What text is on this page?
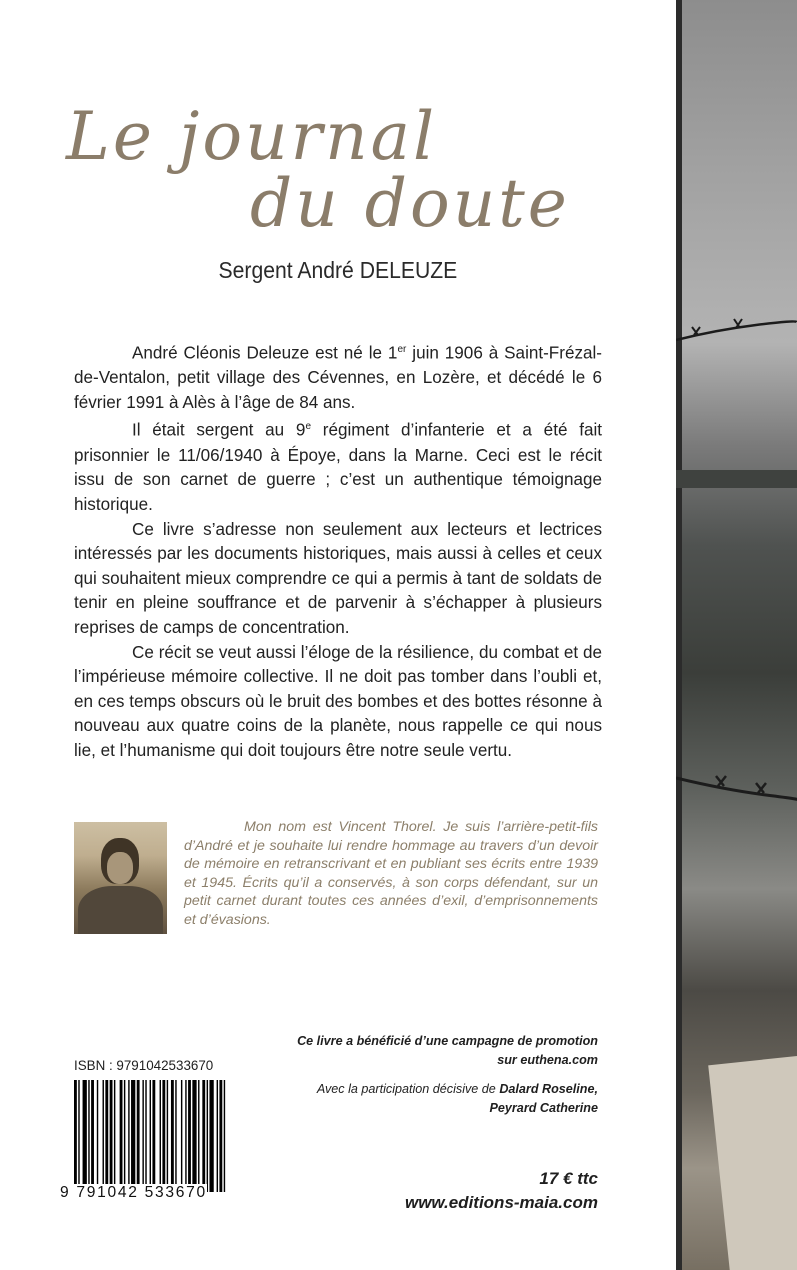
Le journal
du doute
Sergent André DELEUZE

André Cléonis Deleuze est né le 1er juin 1906 à Saint-Frézal-de-Ventalon, petit village des Cévennes, en Lozère, et décédé le 6 février 1991 à Alès à l’âge de 84 ans.

Il était sergent au 9e régiment d’infanterie et a été fait prisonnier le 11/06/1940 à Époye, dans la Marne. Ceci est le récit issu de son carnet de guerre ; c’est un authentique témoignage historique.

Ce livre s’adresse non seulement aux lecteurs et lectrices intéressés par les documents historiques, mais aussi à celles et ceux qui souhaitent mieux comprendre ce qui a permis à tant de soldats de tenir en pleine souffrance et de parvenir à s’échapper à plusieurs reprises de camps de concentration.

Ce récit se veut aussi l’éloge de la résilience, du combat et de l’impérieuse mémoire collective. Il ne doit pas tomber dans l’oubli et, en ces temps obscurs où le bruit des bombes et des bottes résonne à nouveau aux quatre coins de la planète, nous rappelle ce qui nous lie, et l’humanisme qui doit toujours être notre seule vertu.

Mon nom est Vincent Thorel. Je suis l’arrière-petit-fils d’André et je souhaite lui rendre hommage au travers d’un devoir de mémoire en retranscrivant et en publiant ses écrits entre 1939 et 1945. Écrits qu’il a conservés, à son corps défendant, sur un petit carnet durant toutes ces années d’exil, d’emprisonnements et d’évasions.

Ce livre a bénéficié d’une campagne de promotion
sur euthena.com
Avec la participation décisive de Dalard Roseline,
Peyrard Catherine
ISBN : 9791042533670
9 791042 533670
17 € ttc
www.editions-maia.com
